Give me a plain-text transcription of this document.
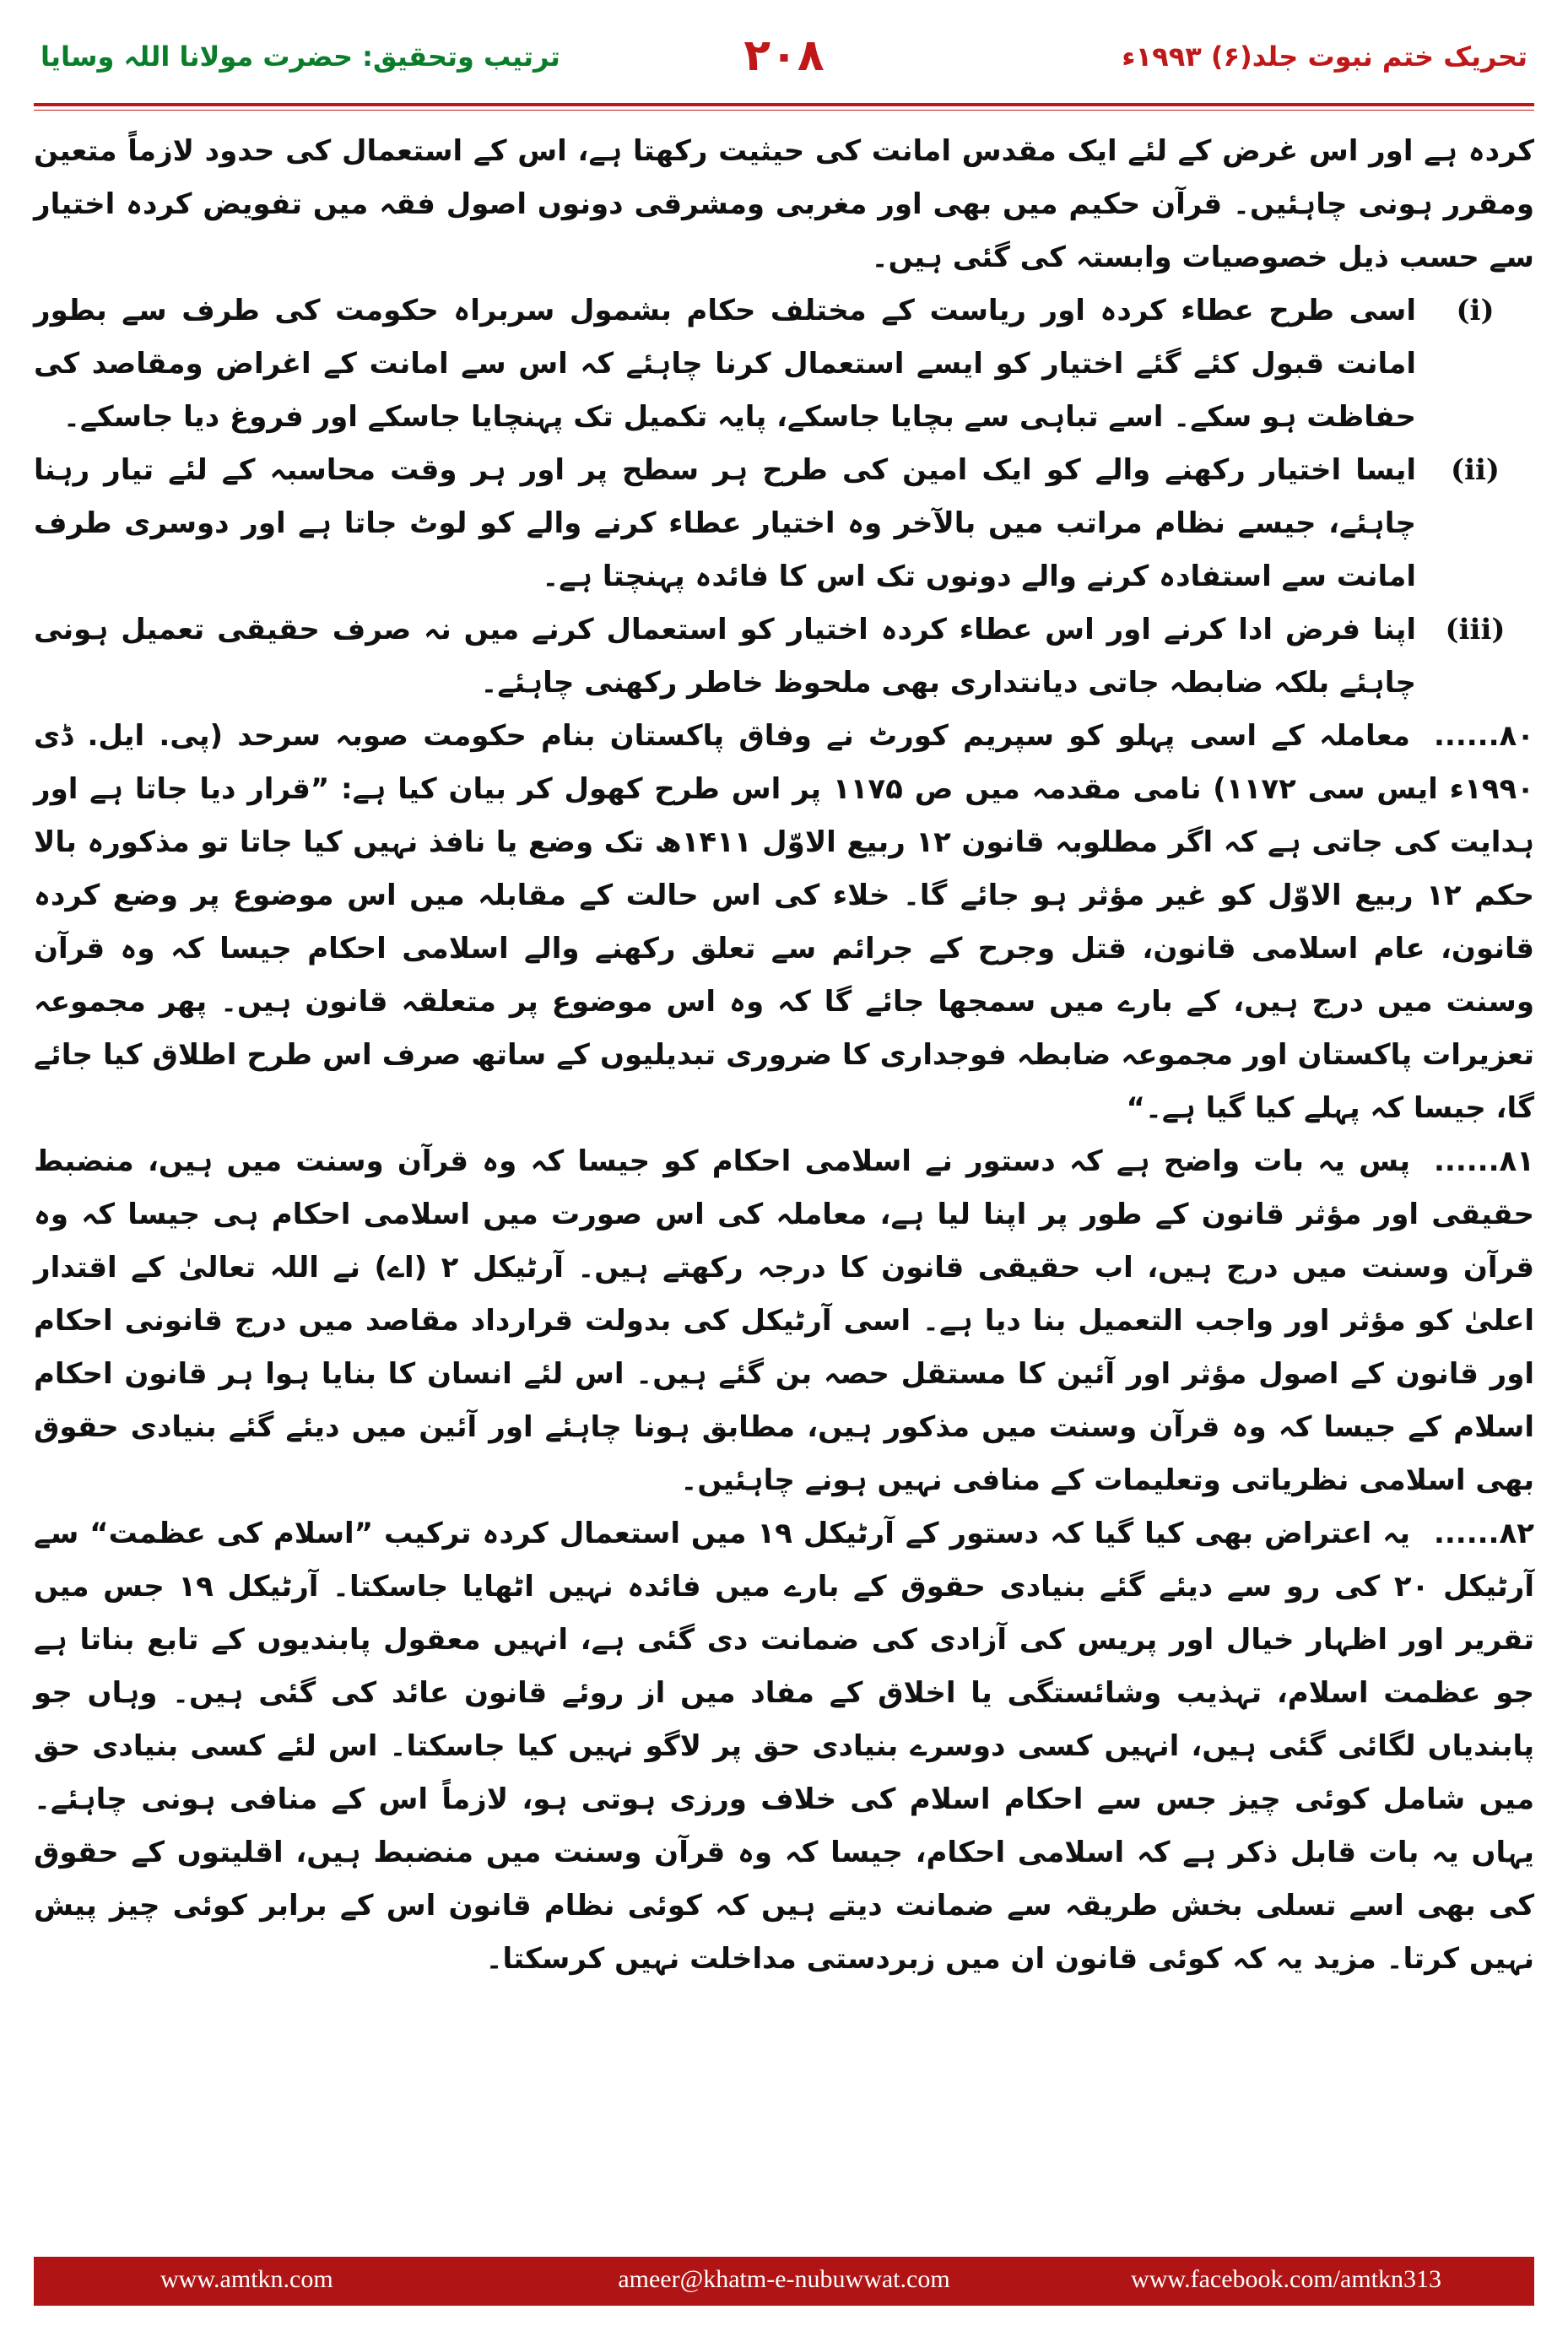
ترتیب وتحقیق: حضرت مولانا اللہ وسایا	۲۰۸	تحریک ختم نبوت جلد(۶) ۱۹۹۳ء

کردہ ہے اور اس غرض کے لئے ایک مقدس امانت کی حیثیت رکھتا ہے، اس کے استعمال کی حدود لازماً متعین ومقرر ہونی چاہئیں۔ قرآن حکیم میں بھی اور مغربی ومشرقی دونوں اصول فقہ میں تفویض کردہ اختیار سے حسب ذیل خصوصیات وابستہ کی گئی ہیں۔

(i)
اسی طرح عطاء کردہ اور ریاست کے مختلف حکام بشمول سربراہ حکومت کی طرف سے بطور امانت قبول کئے گئے اختیار کو ایسے استعمال کرنا چاہئے کہ اس سے امانت کے اغراض ومقاصد کی حفاظت ہو سکے۔ اسے تباہی سے بچایا جاسکے، پایہ تکمیل تک پہنچایا جاسکے اور فروغ دیا جاسکے۔
(ii)
ایسا اختیار رکھنے والے کو ایک امین کی طرح ہر سطح پر اور ہر وقت محاسبہ کے لئے تیار رہنا چاہئے، جیسے نظام مراتب میں بالآخر وہ اختیار عطاء کرنے والے کو لوٹ جاتا ہے اور دوسری طرف امانت سے استفادہ کرنے والے دونوں تک اس کا فائدہ پہنچتا ہے۔
(iii)
اپنا فرض ادا کرنے اور اس عطاء کردہ اختیار کو استعمال کرنے میں نہ صرف حقیقی تعمیل ہونی چاہئے بلکہ ضابطہ جاتی دیانتداری بھی ملحوظ خاطر رکھنی چاہئے۔

۸۰......معاملہ کے اسی پہلو کو سپریم کورٹ نے وفاق پاکستان بنام حکومت صوبہ سرحد (پی. ایل. ڈی ۱۹۹۰ء ایس سی ۱۱۷۲) نامی مقدمہ میں ص ۱۱۷۵ پر اس طرح کھول کر بیان کیا ہے: ”قرار دیا جاتا ہے اور ہدایت کی جاتی ہے کہ اگر مطلوبہ قانون ۱۲ ربیع الاوّل ۱۴۱۱ھ تک وضع یا نافذ نہیں کیا جاتا تو مذکورہ بالا حکم ۱۲ ربیع الاوّل کو غیر مؤثر ہو جائے گا۔ خلاء کی اس حالت کے مقابلہ میں اس موضوع پر وضع کردہ قانون، عام اسلامی قانون، قتل وجرح کے جرائم سے تعلق رکھنے والے اسلامی احکام جیسا کہ وہ قرآن وسنت میں درج ہیں، کے بارے میں سمجھا جائے گا کہ وہ اس موضوع پر متعلقہ قانون ہیں۔ پھر مجموعہ تعزیرات پاکستان اور مجموعہ ضابطہ فوجداری کا ضروری تبدیلیوں کے ساتھ صرف اس طرح اطلاق کیا جائے گا، جیسا کہ پہلے کیا گیا ہے۔“

۸۱......پس یہ بات واضح ہے کہ دستور نے اسلامی احکام کو جیسا کہ وہ قرآن وسنت میں ہیں، منضبط حقیقی اور مؤثر قانون کے طور پر اپنا لیا ہے، معاملہ کی اس صورت میں اسلامی احکام ہی جیسا کہ وہ قرآن وسنت میں درج ہیں، اب حقیقی قانون کا درجہ رکھتے ہیں۔ آرٹیکل ۲ (اے) نے اللہ تعالیٰ کے اقتدار اعلیٰ کو مؤثر اور واجب التعمیل بنا دیا ہے۔ اسی آرٹیکل کی بدولت قرارداد مقاصد میں درج قانونی احکام اور قانون کے اصول مؤثر اور آئین کا مستقل حصہ بن گئے ہیں۔ اس لئے انسان کا بنایا ہوا ہر قانون احکام اسلام کے جیسا کہ وہ قرآن وسنت میں مذکور ہیں، مطابق ہونا چاہئے اور آئین میں دیئے گئے بنیادی حقوق بھی اسلامی نظریاتی وتعلیمات کے منافی نہیں ہونے چاہئیں۔

۸۲......یہ اعتراض بھی کیا گیا کہ دستور کے آرٹیکل ۱۹ میں استعمال کردہ ترکیب ”اسلام کی عظمت“ سے آرٹیکل ۲۰ کی رو سے دیئے گئے بنیادی حقوق کے بارے میں فائدہ نہیں اٹھایا جاسکتا۔ آرٹیکل ۱۹ جس میں تقریر اور اظہار خیال اور پریس کی آزادی کی ضمانت دی گئی ہے، انہیں معقول پابندیوں کے تابع بناتا ہے جو عظمت اسلام، تہذیب وشائستگی یا اخلاق کے مفاد میں از روئے قانون عائد کی گئی ہیں۔ وہاں جو پابندیاں لگائی گئی ہیں، انہیں کسی دوسرے بنیادی حق پر لاگو نہیں کیا جاسکتا۔ اس لئے کسی بنیادی حق میں شامل کوئی چیز جس سے احکام اسلام کی خلاف ورزی ہوتی ہو، لازماً اس کے منافی ہونی چاہئے۔ یہاں یہ بات قابل ذکر ہے کہ اسلامی احکام، جیسا کہ وہ قرآن وسنت میں منضبط ہیں، اقلیتوں کے حقوق کی بھی اسے تسلی بخش طریقہ سے ضمانت دیتے ہیں کہ کوئی نظام قانون اس کے برابر کوئی چیز پیش نہیں کرتا۔ مزید یہ کہ کوئی قانون ان میں زبردستی مداخلت نہیں کرسکتا۔

www.amtkn.com	ameer@khatm-e-nubuwwat.com	www.facebook.com/amtkn313
